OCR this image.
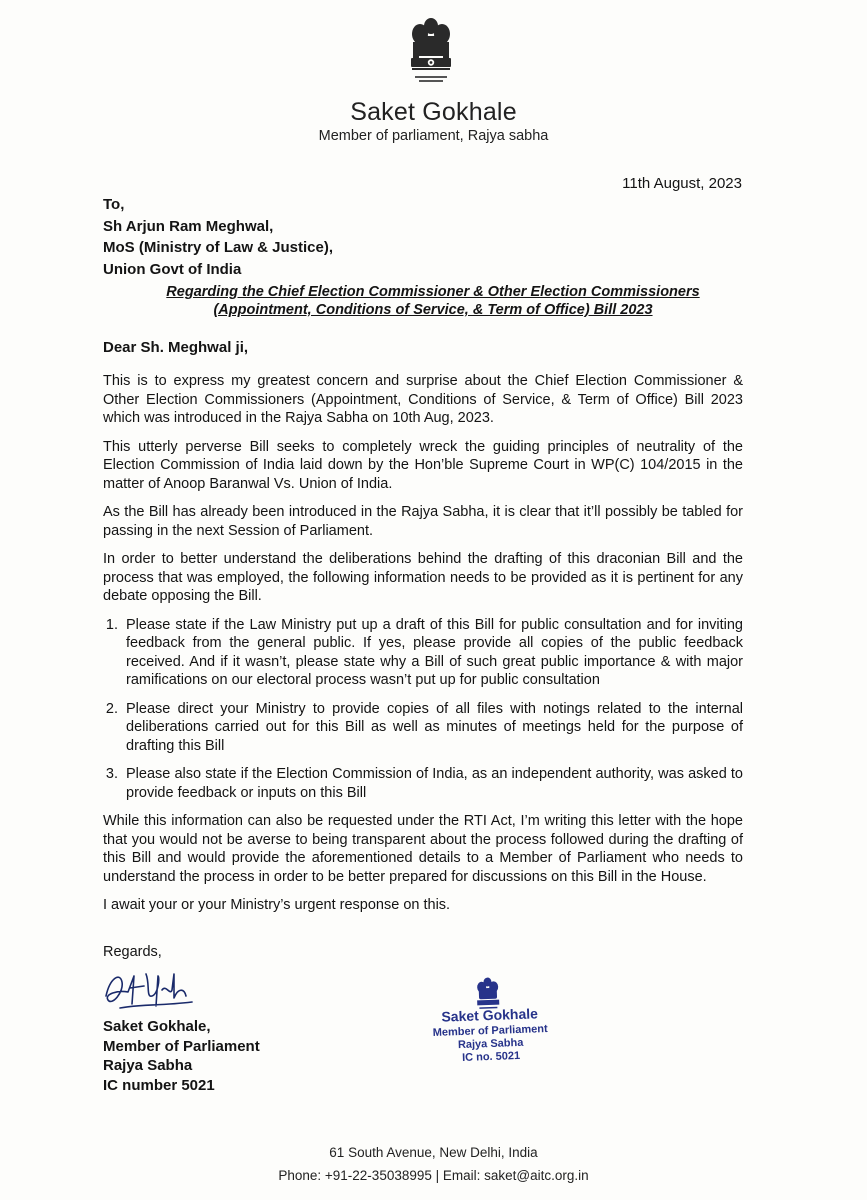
Saket Gokhale
Member of parliament, Rajya sabha
11th August, 2023
To,
Sh Arjun Ram Meghwal,
MoS (Ministry of Law & Justice),
Union Govt of India
Regarding the Chief Election Commissioner & Other Election Commissioners
(Appointment, Conditions of Service, & Term of Office) Bill 2023
Dear Sh. Meghwal ji,

This is to express my greatest concern and surprise about the Chief Election Commissioner & Other Election Commissioners (Appointment, Conditions of Service, & Term of Office) Bill 2023 which was introduced in the Rajya Sabha on 10th Aug, 2023.

This utterly perverse Bill seeks to completely wreck the guiding principles of neutrality of the Election Commission of India laid down by the Hon’ble Supreme Court in WP(C) 104/2015 in the matter of Anoop Baranwal Vs. Union of India.

As the Bill has already been introduced in the Rajya Sabha, it is clear that it’ll possibly be tabled for passing in the next Session of Parliament.

In order to better understand the deliberations behind the drafting of this draconian Bill and the process that was employed, the following information needs to be provided as it is pertinent for any debate opposing the Bill.

1. Please state if the Law Ministry put up a draft of this Bill for public consultation and for inviting feedback from the general public. If yes, please provide all copies of the public feedback received. And if it wasn’t, please state why a Bill of such great public importance & with major ramifications on our electoral process wasn’t put up for public consultation
2. Please direct your Ministry to provide copies of all files with notings related to the internal deliberations carried out for this Bill as well as minutes of meetings held for the purpose of drafting this Bill
3. Please also state if the Election Commission of India, as an independent authority, was asked to provide feedback or inputs on this Bill

While this information can also be requested under the RTI Act, I’m writing this letter with the hope that you would not be averse to being transparent about the process followed during the drafting of this Bill and would provide the aforementioned details to a Member of Parliament who needs to understand the process in order to be better prepared for discussions on this Bill in the House.

I await your or your Ministry’s urgent response on this.

Regards,
Saket Gokhale,
Member of Parliament
Rajya Sabha
IC number 5021
Saket Gokhale
Member of Parliament
Rajya Sabha
IC no. 5021
61 South Avenue, New Delhi, India
Phone: +91-22-35038995 | Email: saket@aitc.org.in
